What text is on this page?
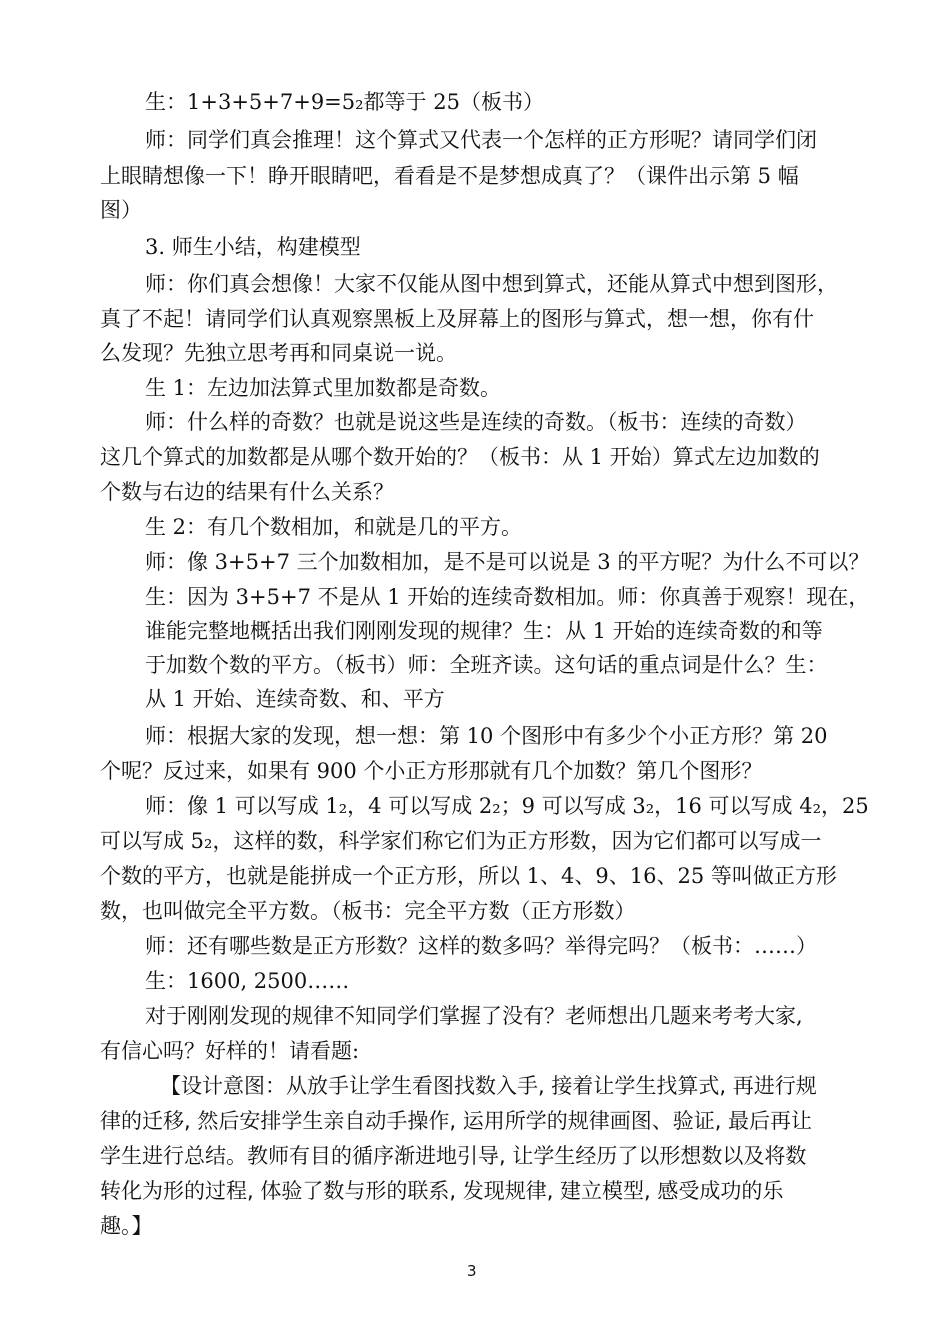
生：1+3+5+7+9=5₂都等于 25（板书）
师：同学们真会推理！这个算式又代表一个怎样的正方形呢？请同学们闭
上眼睛想像一下！睁开眼睛吧，看看是不是梦想成真了？（课件出示第 5 幅
图）
3. 师生小结，构建模型
师：你们真会想像！大家不仅能从图中想到算式，还能从算式中想到图形，
真了不起！请同学们认真观察黑板上及屏幕上的图形与算式，想一想，你有什
么发现？先独立思考再和同桌说一说。
生 1：左边加法算式里加数都是奇数。
师：什么样的奇数？也就是说这些是连续的奇数。（板书：连续的奇数）
这几个算式的加数都是从哪个数开始的？（板书：从 1 开始）算式左边加数的
个数与右边的结果有什么关系？
生 2：有几个数相加，和就是几的平方。
师：像 3+5+7 三个加数相加，是不是可以说是 3 的平方呢？为什么不可以？
生：因为 3+5+7 不是从 1 开始的连续奇数相加。师：你真善于观察！现在，
谁能完整地概括出我们刚刚发现的规律？生：从 1 开始的连续奇数的和等
于加数个数的平方。（板书）师：全班齐读。这句话的重点词是什么？生：
从 1 开始、连续奇数、和、平方
师：根据大家的发现，想一想：第 10 个图形中有多少个小正方形？第 20
个呢？反过来，如果有 900 个小正方形那就有几个加数？第几个图形？
师：像 1 可以写成 1₂，4 可以写成 2₂；9 可以写成 3₂，16 可以写成 4₂，25
可以写成 5₂，这样的数，科学家们称它们为正方形数，因为它们都可以写成一
个数的平方，也就是能拼成一个正方形，所以 1、4、9、16、25 等叫做正方形
数，也叫做完全平方数。（板书：完全平方数（正方形数）
师：还有哪些数是正方形数？这样的数多吗？举得完吗？（板书：……）
生：1600, 2500……
对于刚刚发现的规律不知同学们掌握了没有？老师想出几题来考考大家,
有信心吗？好样的！请看题:
【设计意图：从放手让学生看图找数入手, 接着让学生找算式, 再进行规
律的迁移, 然后安排学生亲自动手操作, 运用所学的规律画图、验证, 最后再让
学生进行总结。教师有目的循序渐进地引导, 让学生经历了以形想数以及将数
转化为形的过程, 体验了数与形的联系, 发现规律, 建立模型, 感受成功的乐
趣。】
3
